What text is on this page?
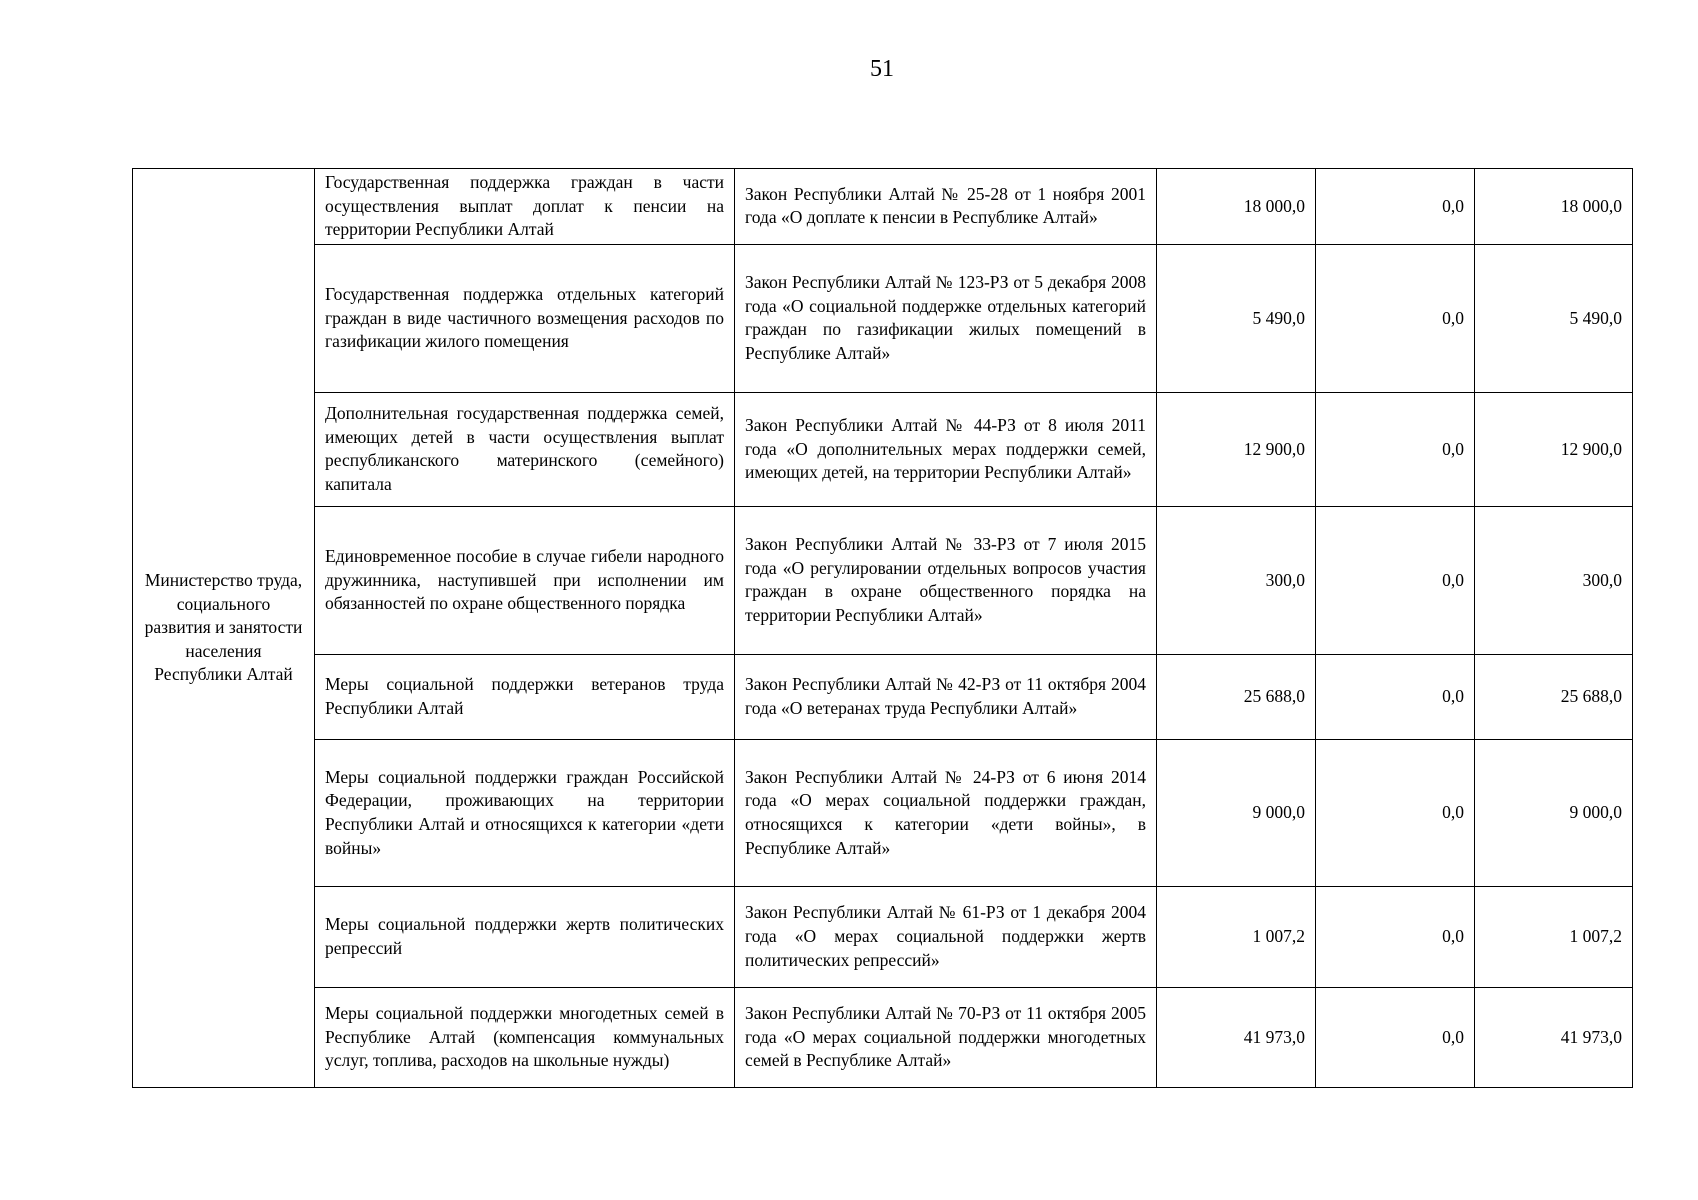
51
Министерство труда, социального развития и занятости населения Республики Алтай	Государственная поддержка граждан в части осуществления выплат доплат к пенсии на территории Республики Алтай	Закон Республики Алтай № 25-28 от 1 ноября 2001 года «О доплате к пенсии в Республике Алтай»	18 000,0	0,0	18 000,0
	Государственная поддержка отдельных категорий граждан в виде частичного возмещения расходов по газификации жилого помещения	Закон Республики Алтай № 123-РЗ от 5 декабря 2008 года «О социальной поддержке отдельных категорий граждан по газификации жилых помещений в Республике Алтай»	5 490,0	0,0	5 490,0
	Дополнительная государственная поддержка семей, имеющих детей в части осуществления выплат республиканского материнского (семейного) капитала	Закон Республики Алтай № 44-РЗ от 8 июля 2011 года «О дополнительных мерах поддержки семей, имеющих детей, на территории Республики Алтай»	12 900,0	0,0	12 900,0
	Единовременное пособие в случае гибели народного дружинника, наступившей при исполнении им обязанностей по охране общественного порядка	Закон Республики Алтай № 33-РЗ от 7 июля 2015 года «О регулировании отдельных вопросов участия граждан в охране общественного порядка на территории Республики Алтай»	300,0	0,0	300,0
	Меры социальной поддержки ветеранов труда Республики Алтай	Закон Республики Алтай № 42-РЗ от 11 октября 2004 года «О ветеранах труда Республики Алтай»	25 688,0	0,0	25 688,0
	Меры социальной поддержки граждан Российской Федерации, проживающих на территории Республики Алтай и относящихся к категории «дети войны»	Закон Республики Алтай № 24-РЗ от 6 июня 2014 года «О мерах социальной поддержки граждан, относящихся к категории «дети войны», в Республике Алтай»	9 000,0	0,0	9 000,0
	Меры социальной поддержки жертв политических репрессий	Закон Республики Алтай № 61-РЗ от 1 декабря 2004 года «О мерах социальной поддержки жертв политических репрессий»	1 007,2	0,0	1 007,2
	Меры социальной поддержки многодетных семей в Республике Алтай (компенсация коммунальных услуг, топлива, расходов на школьные нужды)	Закон Республики Алтай № 70-РЗ от 11 октября 2005 года «О мерах социальной поддержки многодетных семей в Республике Алтай»	41 973,0	0,0	41 973,0
